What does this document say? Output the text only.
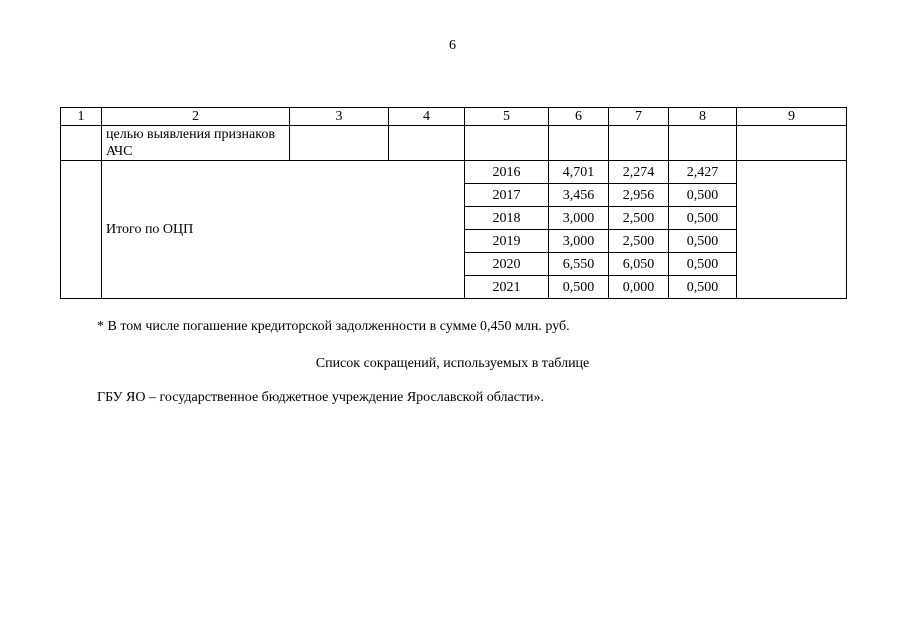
6
1	2	3	4	5	6	7	8	9
	целью выявления признаков АЧС							
	Итого по ОЦП			2016	4,701	2,274	2,427	
				2017	3,456	2,956	0,500	
				2018	3,000	2,500	0,500	
				2019	3,000	2,500	0,500	
				2020	6,550	6,050	0,500	
				2021	0,500	0,000	0,500	
* В том числе погашение кредиторской задолженности в сумме 0,450 млн. руб.
Список сокращений, используемых в таблице
ГБУ ЯО – государственное бюджетное учреждение Ярославской области».
